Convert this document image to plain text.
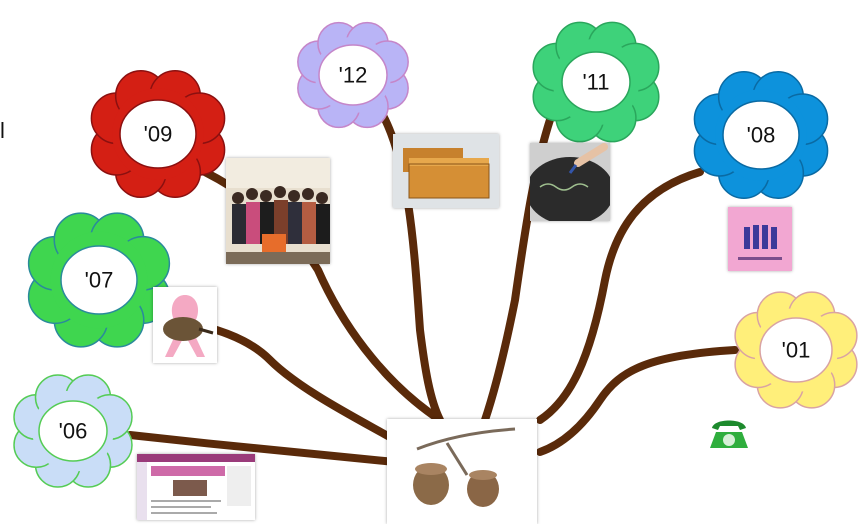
'12	'11
'09	'08
'07
'06
'01
l
